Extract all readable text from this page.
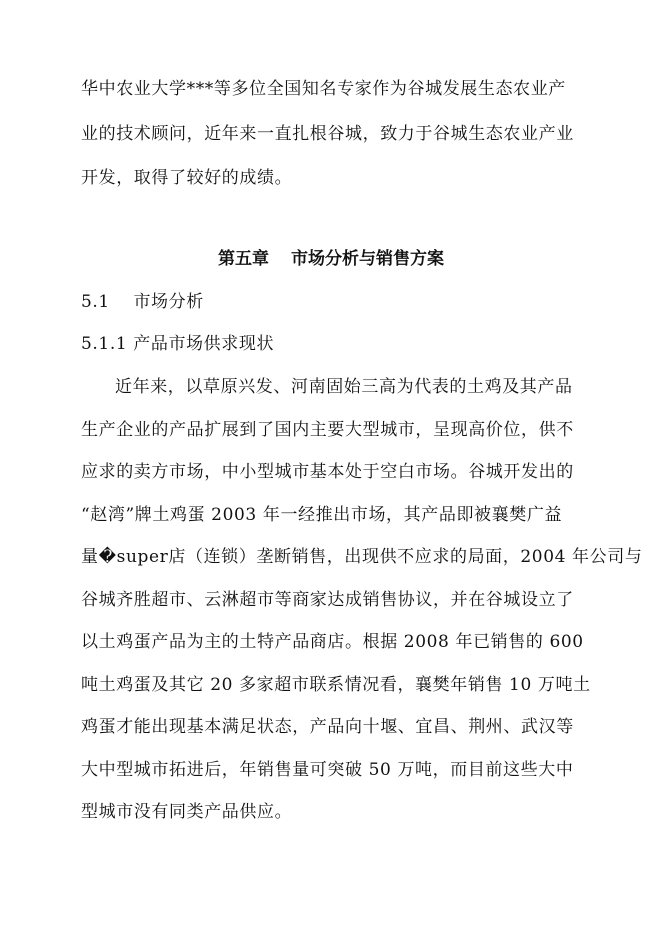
华中农业大学***等多位全国知名专家作为谷城发展生态农业产
业的技术顾问，近年来一直扎根谷城，致力于谷城生态农业产业
开发，取得了较好的成绩。
第五章 市场分析与销售方案
5.1　 市场分析
5.1.1 产品市场供求现状
近年来，以草原兴发、河南固始三高为代表的土鸡及其产品
生产企业的产品扩展到了国内主要大型城市，呈现高价位，供不
应求的卖方市场，中小型城市基本处于空白市场。谷城开发出的
“赵湾”牌土鸡蛋 2003 年一经推出市场，其产品即被襄樊广益
量�super店（连锁）垄断销售，出现供不应求的局面，2004 年公司与
谷城齐胜超市、云淋超市等商家达成销售协议，并在谷城设立了
以土鸡蛋产品为主的土特产品商店。根据 2008 年已销售的 600
吨土鸡蛋及其它 20 多家超市联系情况看，襄樊年销售 10 万吨土
鸡蛋才能出现基本满足状态，产品向十堰、宜昌、荆州、武汉等
大中型城市拓进后，年销售量可突破 50 万吨，而目前这些大中
型城市没有同类产品供应。
